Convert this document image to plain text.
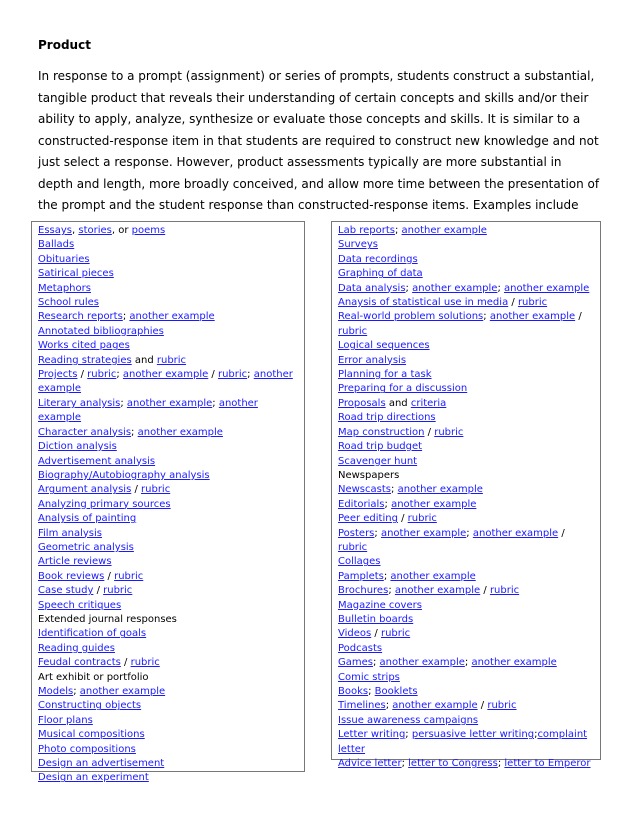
Product
In response to a prompt (assignment) or series of prompts, students construct a substantial, tangible product that reveals their understanding of certain concepts and skills and/or their ability to apply, analyze, synthesize or evaluate those concepts and skills. It is similar to a constructed-response item in that students are required to construct new knowledge and not just select a response. However, product assessments typically are more substantial in depth and length, more broadly conceived, and allow more time between the presentation of the prompt and the student response than constructed-response items. Examples include
Essays, stories, or poems
Ballads
Obituaries
Satirical pieces
Metaphors
School rules
Research reports; another example
Annotated bibliographies
Works cited pages
Reading strategies and rubric
Projects / rubric; another example / rubric; another example
Literary analysis; another example; another example
Character analysis; another example
Diction analysis
Advertisement analysis
Biography/Autobiography analysis
Argument analysis / rubric
Analyzing primary sources
Analysis of painting
Film analysis
Geometric analysis
Article reviews
Book reviews / rubric
Case study / rubric
Speech critiques
Extended journal responses
Identification of goals
Reading guides
Feudal contracts / rubric
Art exhibit or portfolio
Models; another example
Constructing objects
Floor plans
Musical compositions
Photo compositions
Design an advertisement
Design an experiment
Lab reports; another example
Surveys
Data recordings
Graphing of data
Data analysis; another example; another example
Anaysis of statistical use in media / rubric
Real-world problem solutions; another example / rubric
Logical sequences
Error analysis
Planning for a task
Preparing for a discussion
Proposals and criteria
Road trip directions
Map construction / rubric
Road trip budget
Scavenger hunt
Newspapers
Newscasts; another example
Editorials; another example
Peer editing / rubric
Posters; another example; another example / rubric
Collages
Pamplets; another example
Brochures; another example / rubric
Magazine covers
Bulletin boards
Videos / rubric
Podcasts
Games; another example; another example
Comic strips
Books; Booklets
Timelines; another example / rubric
Issue awareness campaigns
Letter writing; persuasive letter writing;complaint letter
Advice letter; letter to Congress; letter to Emperor
